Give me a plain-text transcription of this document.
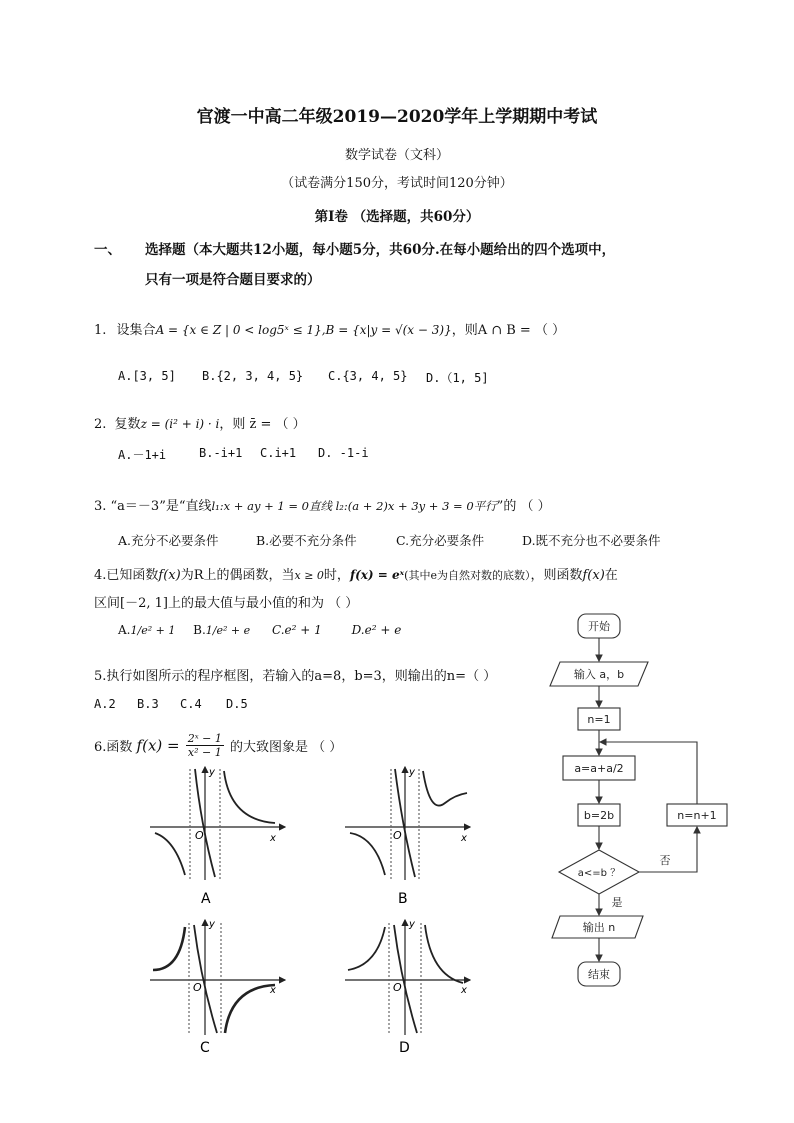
官渡一中高二年级2019—2020学年上学期期中考试
数学试卷（文科）
（试卷满分150分，考试时间120分钟）
第Ⅰ卷 （选择题，共60分）
一、 选择题（本大题共12小题，每小题5分，共60分.在每小题给出的四个选项中，
只有一项是符合题目要求的）
1. 设集合A = {x ∈ Z | 0 < log5ˣ ≤ 1},B = {x|y = √(x − 3)}，则A ∩ B = （ ）
A.[3, 5] B.{2, 3, 4, 5} C.{3, 4, 5} D.（1, 5]
2. 复数z = (i² + i) · i，则 z̄ = （ ）
A.－1+i	B.-i+1 C.i+1 D. -1-i
3. “a＝－3”是“直线l₁:x + ay + 1 = 0直线 l₂:(a + 2)x + 3y + 3 = 0平行”的 （ ）
A.充分不必要条件	B.必要不充分条件	C.充分必要条件	D.既不充分也不必要条件
4.已知函数f(x)为R上的偶函数，当x ≥ 0时，f(x) = eˣ(其中e为自然对数的底数），则函数f(x)在
区间[－2, 1]上的最大值与最小值的和为 （ ）
A.1/e² + 1 B.1/e² + e C.e² + 1 D.e² + e
5.执行如图所示的程序框图，若输入的a=8，b=3，则输出的n=（ ）
A.2 B.3 C.4 D.5
6.函数 $f(x) = \frac{\text{2ˣ − 1}}{\text{x² − 1}}$ 的大致图象是 （ ）
O	x
y
A
O	x
y
B
O	x
y
C
O	x
y
D
开始
输入 a，b
n=1
a=a+a/2
b=2b
a<=b ？
n=n+1
输出 n
结束
是
否
